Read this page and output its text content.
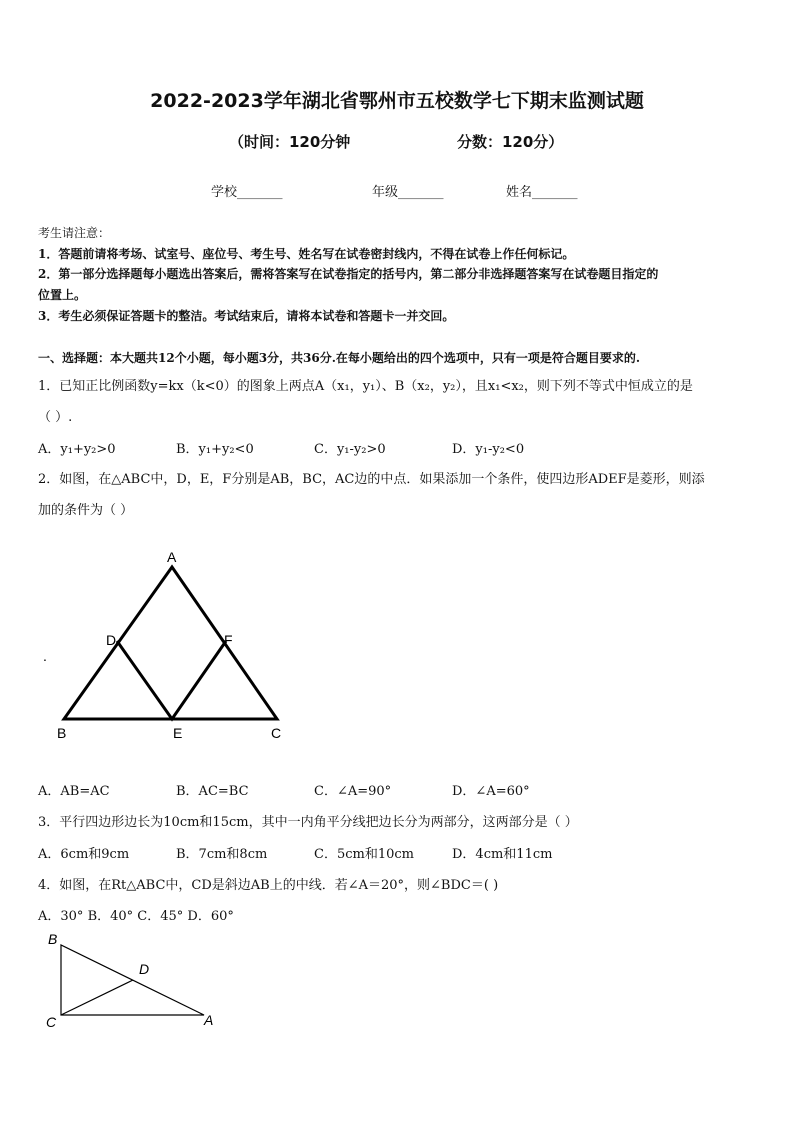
2022-2023学年湖北省鄂州市五校数学七下期末监测试题
（时间：120分钟	分数：120分）
学校_______	年级_______	姓名_______
考生请注意：
1．答题前请将考场、试室号、座位号、考生号、姓名写在试卷密封线内，不得在试卷上作任何标记。
2．第一部分选择题每小题选出答案后，需将答案写在试卷指定的括号内，第二部分非选择题答案写在试卷题目指定的
位置上。
3．考生必须保证答题卡的整洁。考试结束后，请将本试卷和答题卡一并交回。
一、选择题：本大题共12个小题，每小题3分，共36分.在每小题给出的四个选项中，只有一项是符合题目要求的.
1．已知正比例函数y=kx（k<0）的图象上两点A（x₁，y₁）、B（x₂，y₂），且x₁<x₂，则下列不等式中恒成立的是
（ ）.
A．y₁+y₂>0	B．y₁+y₂<0	C．y₁-y₂>0	D．y₁-y₂<0
2．如图，在△ABC中，D，E，F分别是AB，BC，AC边的中点．如果添加一个条件，使四边形ADEF是菱形，则添
加的条件为（ ）
A
D	F
B	E	C
.
A．AB=AC	B．AC=BC	C．∠A=90°	D．∠A=60°
3．平行四边形边长为10cm和15cm，其中一内角平分线把边长分为两部分，这两部分是（ ）
A．6cm和9cm	B．7cm和8cm	C．5cm和10cm	D．4cm和11cm
4．如图，在Rt△ABC中，CD是斜边AB上的中线．若∠A＝20°，则∠BDC＝( )
A．30° B．40° C．45° D．60°
B
D
C	A
